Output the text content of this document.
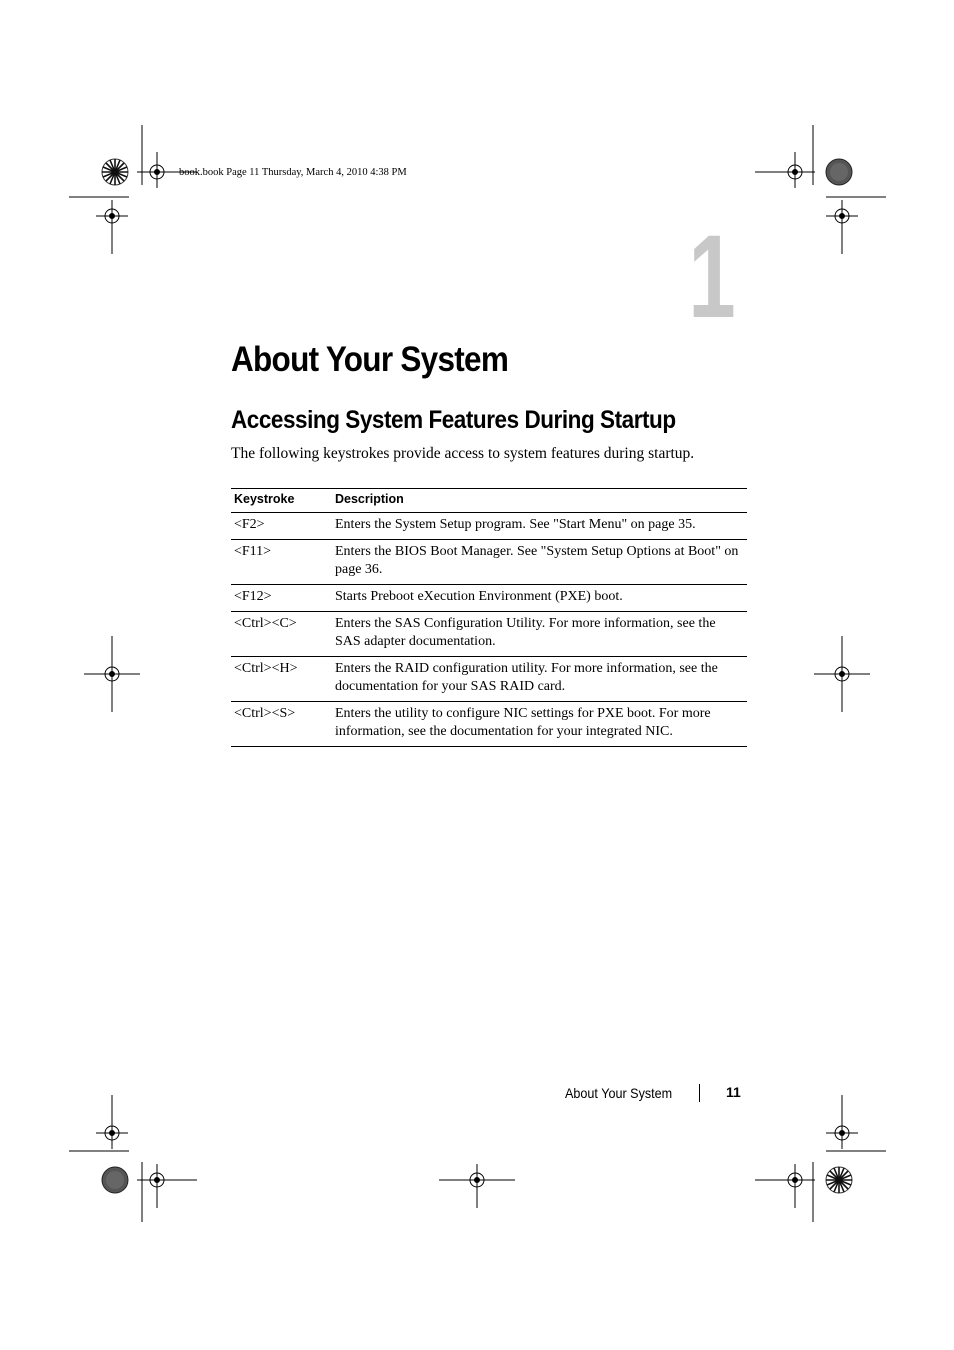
book.book Page 11 Thursday, March 4, 2010 4:38 PM
1
About Your System
Accessing System Features During Startup

The following keystrokes provide access to system features during startup.

Keystroke	Description
<F2>	Enters the System Setup program. See "Start Menu" on page 35.
<F11>	Enters the BIOS Boot Manager. See "System Setup Options at Boot" on page 36.
<F12>	Starts Preboot eXecution Environment (PXE) boot.
<Ctrl><C>	Enters the SAS Configuration Utility. For more information, see the SAS adapter documentation.
<Ctrl><H>	Enters the RAID configuration utility. For more information, see the documentation for your SAS RAID card.
<Ctrl><S>	Enters the utility to configure NIC settings for PXE boot. For more information, see the documentation for your integrated NIC.
About Your System	11
